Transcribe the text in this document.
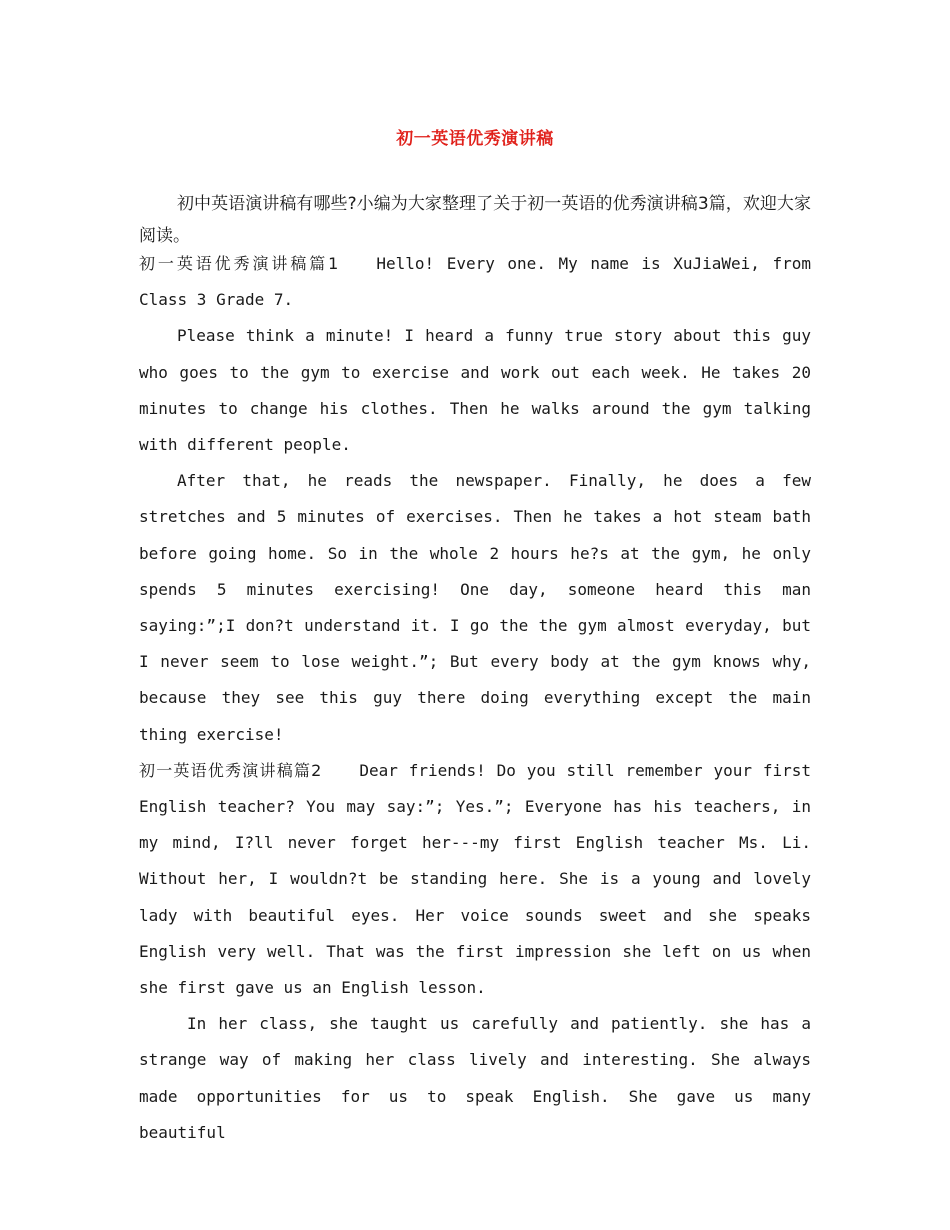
初一英语优秀演讲稿

初中英语演讲稿有哪些?小编为大家整理了关于初一英语的优秀演讲稿3篇，欢迎大家阅读。

初一英语优秀演讲稿篇1 Hello! Every one. My name is XuJiaWei, from Class 3 Grade 7.

Please think a minute! I heard a funny true story about this guy who goes to the gym to exercise and work out each week. He takes 20 minutes to change his clothes. Then he walks around the gym talking with different people.

After that, he reads the newspaper. Finally, he does a few stretches and 5 minutes of exercises. Then he takes a hot steam bath before going home. So in the whole 2 hours he?s at the gym, he only spends 5 minutes exercising! One day, someone heard this man saying:”;I don?t understand it. I go the the gym almost everyday, but I never seem to lose weight.”; But every body at the gym knows why, because they see this guy there doing everything except the main thing exercise!

初一英语优秀演讲稿篇2 Dear friends! Do you still remember your first English teacher? You may say:”; Yes.”; Everyone has his teachers, in my mind, I?ll never forget her---my first English teacher Ms. Li. Without her, I wouldn?t be standing here. She is a young and lovely lady with beautiful eyes. Her voice sounds sweet and she speaks English very well. That was the first impression she left on us when she first gave us an English lesson.

In her class, she taught us carefully and patiently. she has a strange way of making her class lively and interesting. She always made opportunities for us to speak English. She gave us many beautiful
